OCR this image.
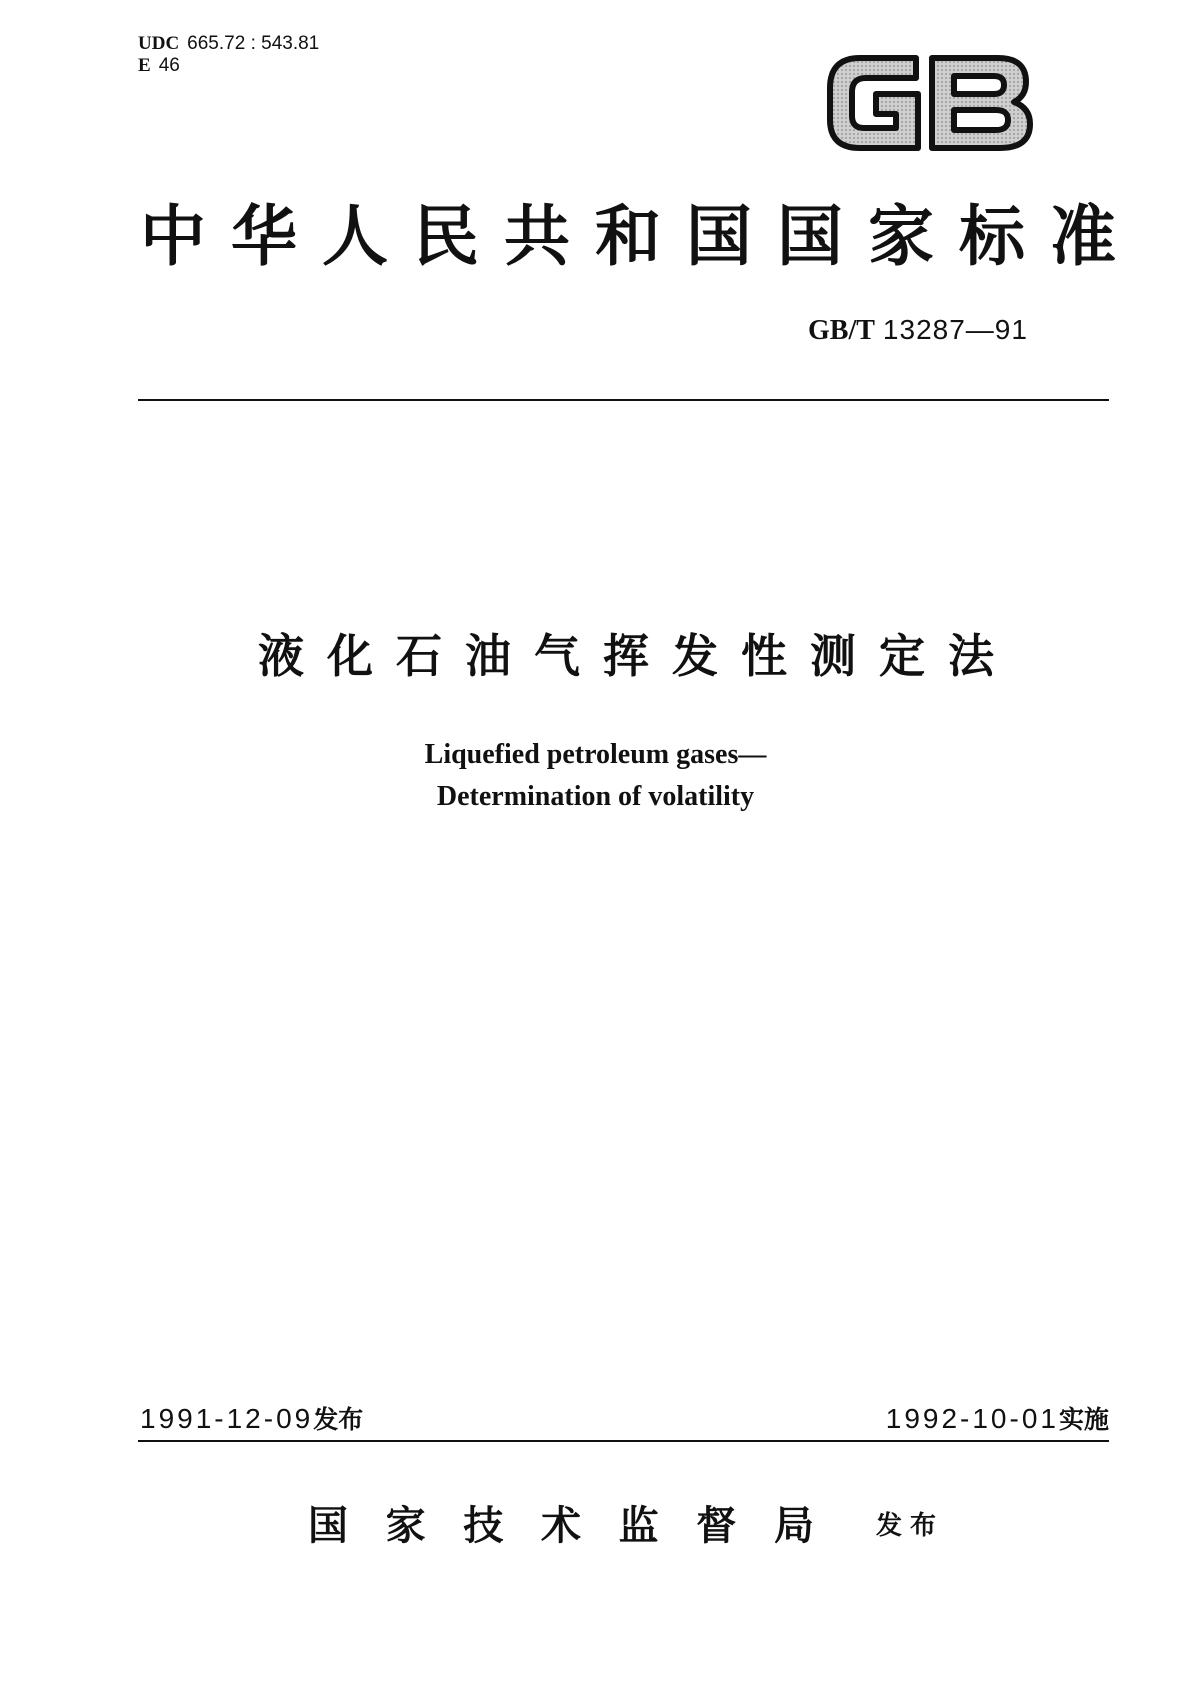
UDC 665.72 : 543.81
E 46
中 华 人 民 共 和 国 国 家 标 准
GB/T 13287—91
液 化 石 油 气 挥 发 性 测 定 法
Liquefied petroleum gases—
Determination of volatility
1991-12-09发布	1992-10-01实施
国 家 技 术 监 督 局	发布
